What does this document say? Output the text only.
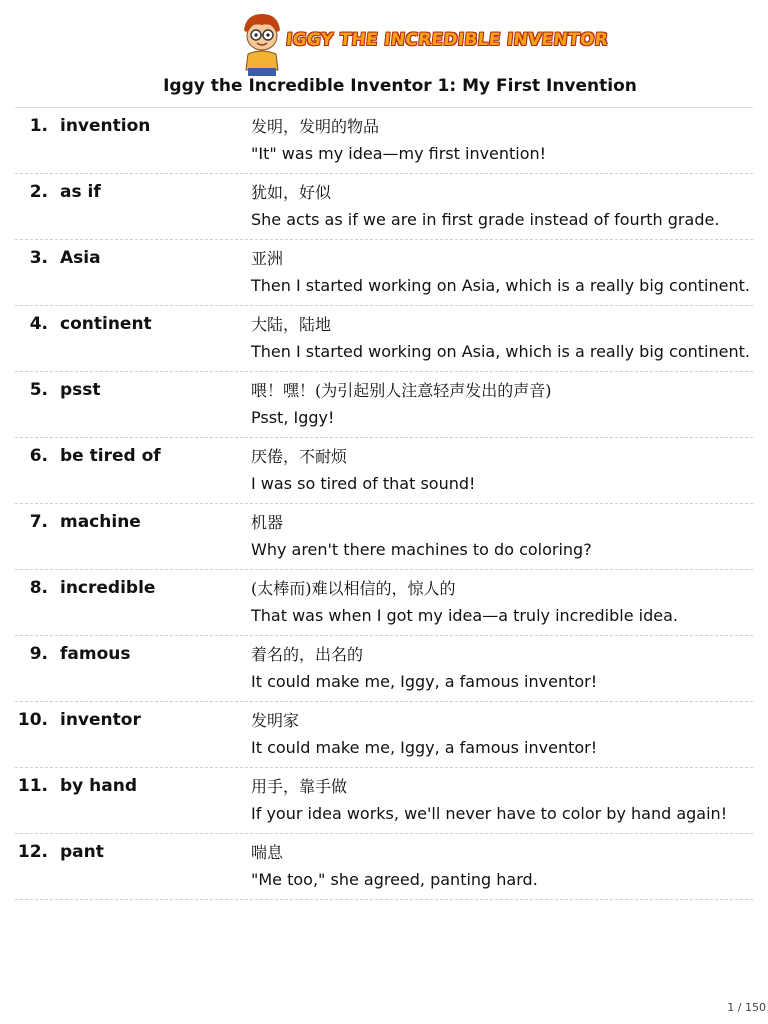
IGGY THE INCREDIBLE INVENTOR
Iggy the Incredible Inventor 1: My First Invention
1. invention	发明，发明的物品
"It" was my idea—my first invention!
2. as if	犹如，好似
She acts as if we are in first grade instead of fourth grade.
3. Asia	亚洲
Then I started working on Asia, which is a really big continent.
4. continent	大陆，陆地
Then I started working on Asia, which is a really big continent.
5. psst	喂！嘿！(为引起别人注意轻声发出的声音)
Psst, Iggy!
6. be tired of	厌倦，不耐烦
I was so tired of that sound!
7. machine	机器
Why aren't there machines to do coloring?
8. incredible	(太棒而)难以相信的，惊人的
That was when I got my idea—a truly incredible idea.
9. famous	着名的，出名的
It could make me, Iggy, a famous inventor!
10. inventor	发明家
It could make me, Iggy, a famous inventor!
11. by hand	用手，靠手做
If your idea works, we'll never have to color by hand again!
12. pant	喘息
"Me too," she agreed, panting hard.
1 / 150
